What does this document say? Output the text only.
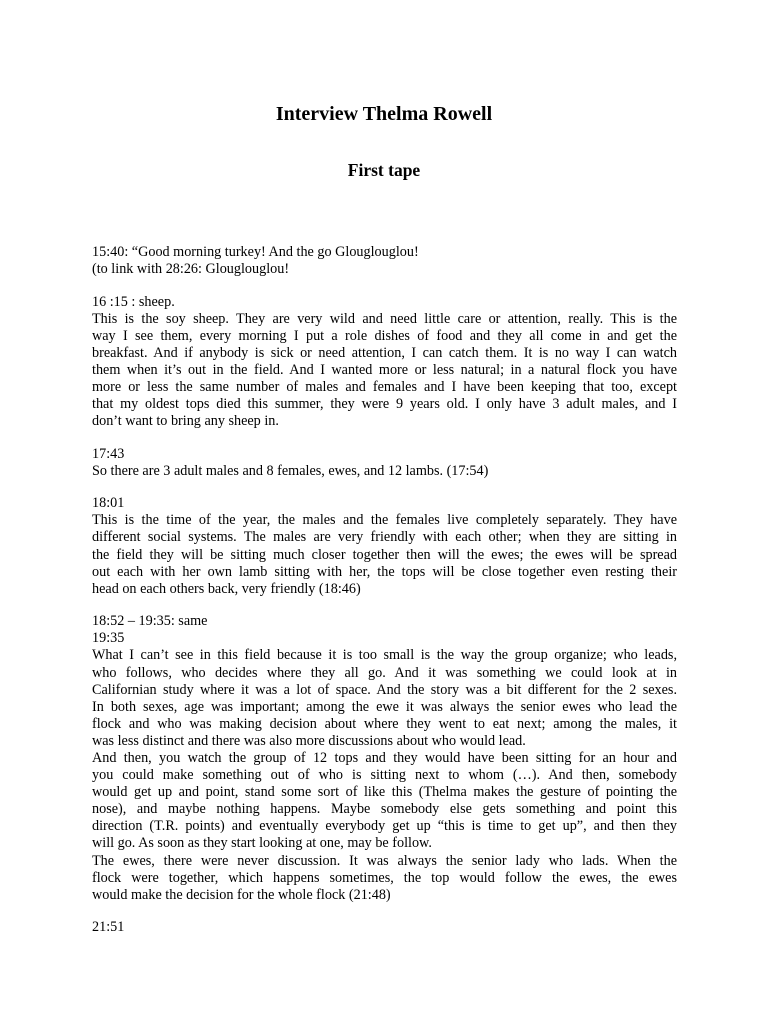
Interview Thelma Rowell
First tape
15:40: “Good morning turkey! And the go Glouglouglou!
(to link with 28:26: Glouglouglou!
16 :15 : sheep.
This is the soy sheep. They are very wild and need little care or attention, really. This is the
way I see them, every morning I put a role dishes of food and they all come in and get the
breakfast. And if anybody is sick or need attention, I can catch them. It is no way I can watch
them when it’s out in the field. And I wanted more or less natural; in a natural flock you have
more or less the same number of males and females and I have been keeping that too, except
that my oldest tops died this summer, they were 9 years old. I only have 3 adult males, and I
don’t want to bring any sheep in.
17:43
So there are 3 adult males and 8 females, ewes, and 12 lambs. (17:54)
18:01
This is the time of the year, the males and the females live completely separately. They have
different social systems. The males are very friendly with each other; when they are sitting in
the field they will be sitting much closer together then will the ewes; the ewes will be spread
out each with her own lamb sitting with her, the tops will be close together even resting their
head on each others back, very friendly (18:46)
18:52 – 19:35: same
19:35
What I can’t see in this field because it is too small is the way the group organize; who leads,
who follows, who decides where they all go. And it was something we could look at in
Californian study where it was a lot of space. And the story was a bit different for the 2 sexes.
In both sexes, age was important; among the ewe it was always the senior ewes who lead the
flock and who was making decision about where they went to eat next; among the males, it
was less distinct and there was also more discussions about who would lead.
And then, you watch the group of 12 tops and they would have been sitting for an hour and
you could make something out of who is sitting next to whom (…). And then, somebody
would get up and point, stand some sort of like this (Thelma makes the gesture of pointing the
nose), and maybe nothing happens. Maybe somebody else gets something and point this
direction (T.R. points) and eventually everybody get up “this is time to get up”, and then they
will go. As soon as they start looking at one, may be follow.
The ewes, there were never discussion. It was always the senior lady who lads. When the
flock were together, which happens sometimes, the top would follow the ewes, the ewes
would make the decision for the whole flock (21:48)
21:51
